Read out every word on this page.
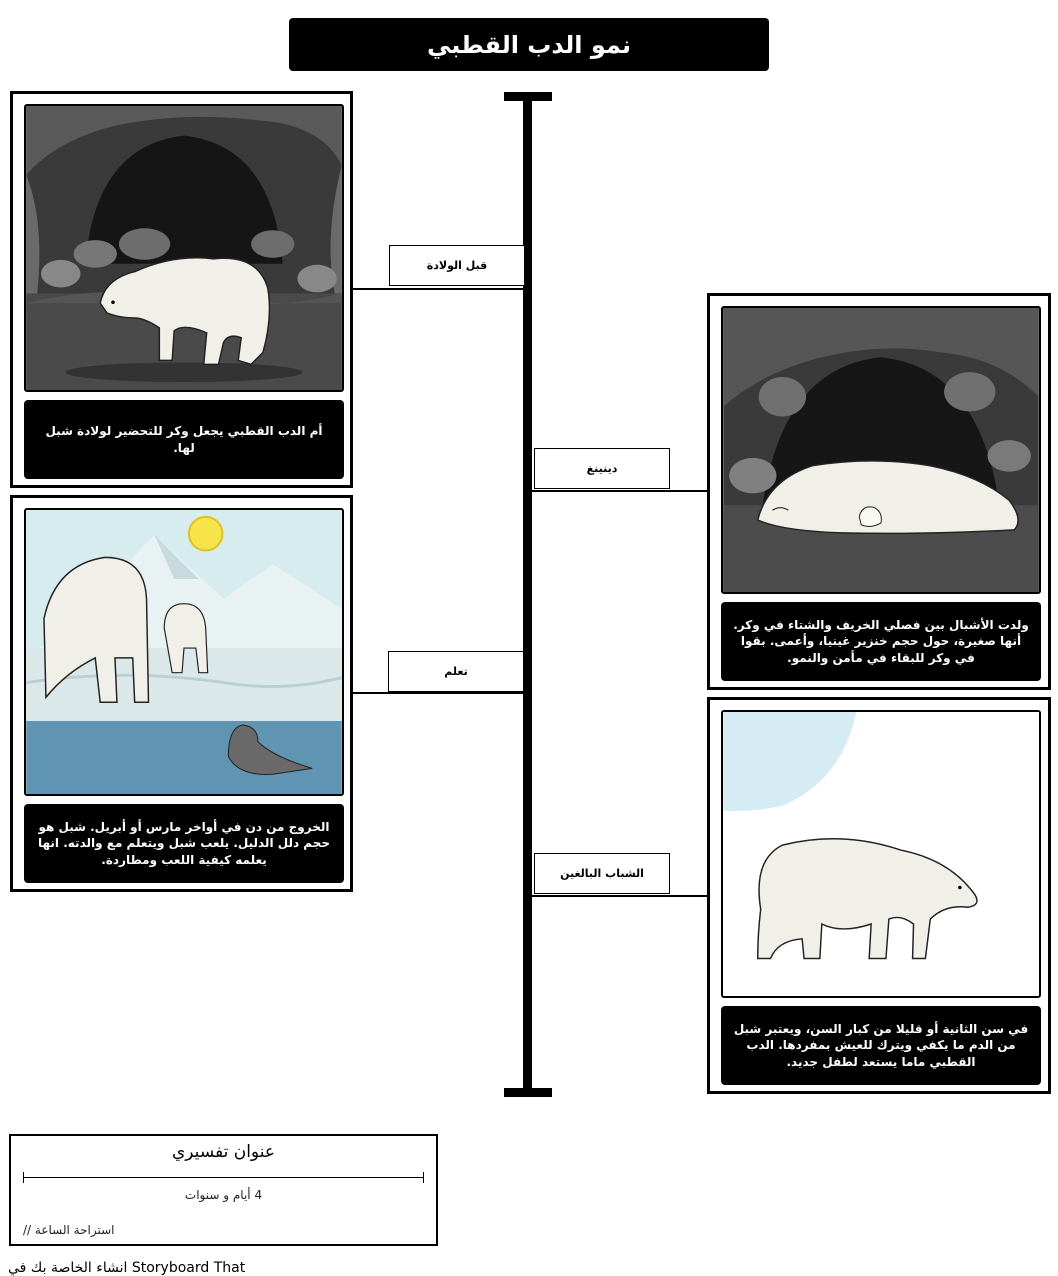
نمو الدب القطبي
قبل الولادة
دينينغ
تعلم
الشباب البالغين
أم الدب القطبي يجعل وكر للتحضير لولادة شبل لها.
ولدت الأشبال بين فصلي الخريف والشتاء في وكر. أنها صغيرة، حول حجم خنزير غينيا، وأعمى. بقوا في وكر للبقاء في مأمن والنمو.
الخروج من دن في أواخر مارس أو أبريل. شبل هو حجم دلل الدليل. يلعب شبل ويتعلم مع والدته. انها يعلمه كيفية اللعب ومطاردة.
في سن الثانية أو قليلا من كبار السن، ويعتبر شبل من الدم ما يكفي ويترك للعيش بمفردها. الدب القطبي ماما يستعد لطفل جديد.
عنوان تفسيري
4 أيام و سنوات
استراحة الساعة //
Storyboard That انشاء الخاصة بك في
